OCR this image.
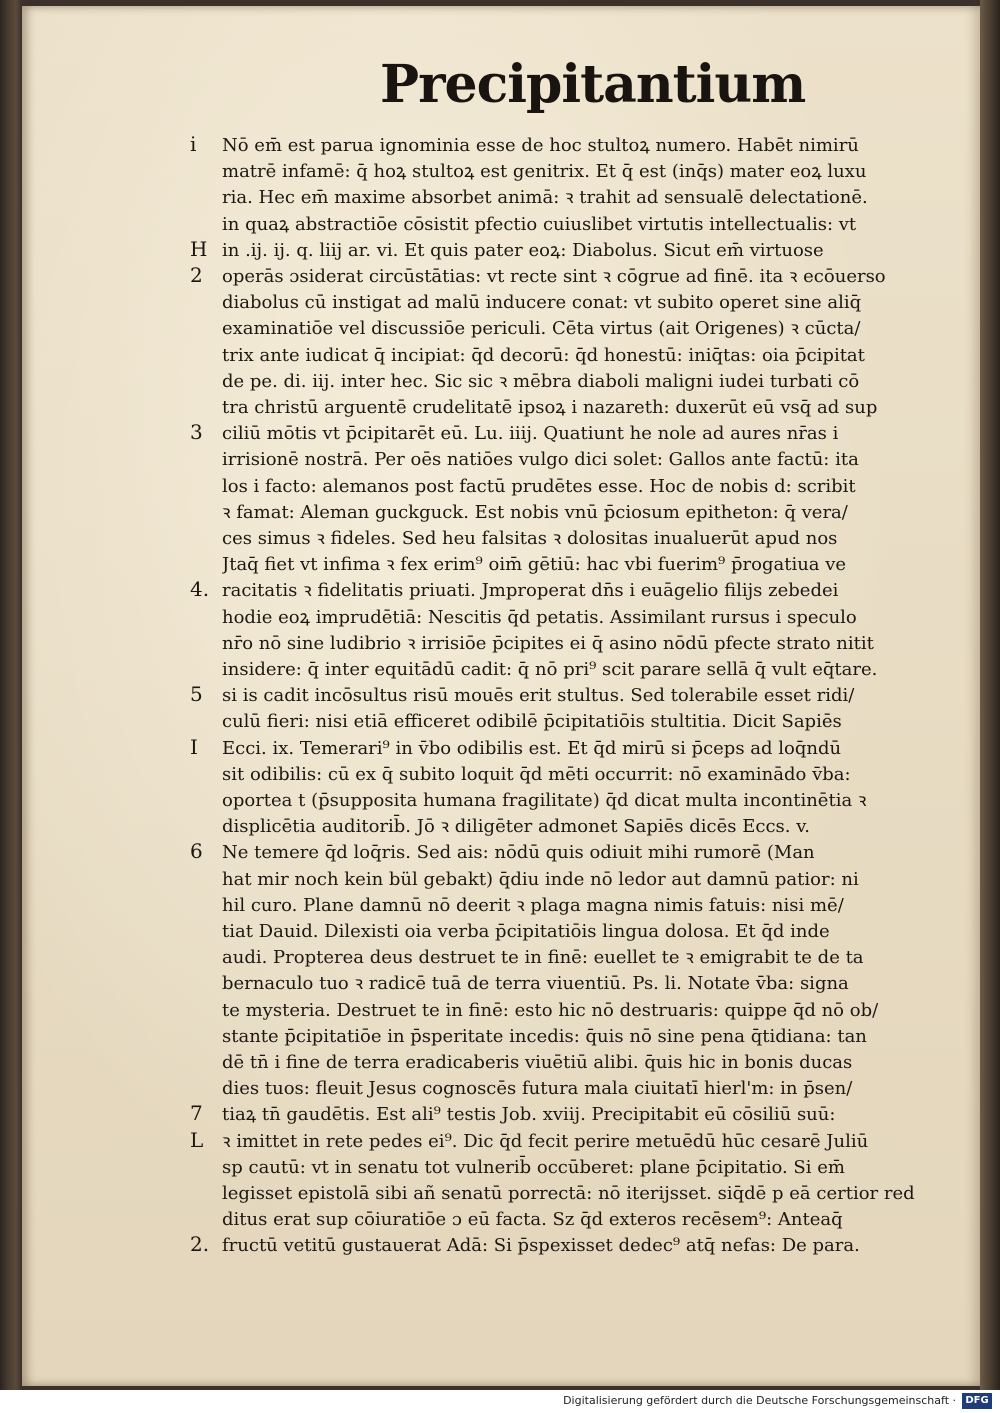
Precipitantium
Nō em̄ est parua ignominia esse de hoc stultoꝝ numero. Habēt nimirū
matrē infamē: q̄ hoꝝ stultoꝝ est genitrix. Et q̄ est (inq̄s) mater eoꝝ luxu
ria. Hec em̄ maxime absorbet animā: ꝛ trahit ad sensualē delectationē.
in quaꝝ abstractiōe cōsistit pfectio cuiuslibet virtutis intellectualis: vt
in .ij. ij. q. liij ar. vi. Et quis pater eoꝝ: Diabolus. Sicut em̄ virtuose
operās ɔsiderat circūstātias: vt recte sint ꝛ cōgrue ad finē. ita ꝛ ecōuerso
diabolus cū instigat ad malū inducere conat: vt subito operet sine aliq̄
examinatiōe vel discussiōe periculi. Cēta virtus (ait Origenes) ꝛ cūcta/
trix ante iudicat q̄ incipiat: q̄d decorū: q̄d honestū: iniq̄tas: oia p̄cipitat
de pe. di. iij. inter hec. Sic sic ꝛ mēbra diaboli maligni iudei turbati cō
tra christū arguentē crudelitatē ipsoꝝ i nazareth: duxerūt eū vsq̄ ad sup
ciliū mōtis vt p̄cipitarēt eū. Lu. iiij. Quatiunt he nole ad aures nr̄as i
irrisionē nostrā. Per oēs natiōes vulgo dici solet: Gallos ante factū: ita
los i facto: alemanos post factū prudētes esse. Hoc de nobis d: scribit
ꝛ famat: Aleman guckguck. Est nobis vnū p̄ciosum epitheton: q̄ vera/
ces simus ꝛ fideles. Sed heu falsitas ꝛ dolositas inualuerūt apud nos
Jtaq̄ fiet vt infima ꝛ fex erim⁹ oim̄ gētiū: hac vbi fuerim⁹ p̄rogatiua ve
racitatis ꝛ fidelitatis priuati. Jmproperat dn̄s i euāgelio filijs zebedei
hodie eoꝝ imprudētiā: Nescitis q̄d petatis. Assimilant rursus i speculo
nr̄o nō sine ludibrio ꝛ irrisiōe p̄cipites ei q̄ asino nōdū pfecte strato nitit
insidere: q̄ inter equitādū cadit: q̄ nō pri⁹ scit parare sellā q̄ vult eq̄tare.
si is cadit incōsultus risū mouēs erit stultus. Sed tolerabile esset ridi/
culū fieri: nisi etiā efficeret odibilē p̄cipitatiōis stultitia. Dicit Sapiēs
Ecci. ix. Temerari⁹ in v̄bo odibilis est. Et q̄d mirū si p̄ceps ad loq̄ndū
sit odibilis: cū ex q̄ subito loquit q̄d mēti occurrit: nō examinādo v̄ba:
oportea t (p̄supposita humana fragilitate) q̄d dicat multa incontinētia ꝛ
displicētia auditorib̄. Jō ꝛ diligēter admonet Sapiēs dicēs Eccs. v.
Ne temere q̄d loq̄ris. Sed ais: nōdū quis odiuit mihi rumorē (Man
hat mir noch kein bül gebakt) q̄diu inde nō ledor aut damnū patior: ni
hil curo. Plane damnū nō deerit ꝛ plaga magna nimis fatuis: nisi mē/
tiat Dauid. Dilexisti oia verba p̄cipitatiōis lingua dolosa. Et q̄d inde
audi. Propterea deus destruet te in finē: euellet te ꝛ emigrabit te de ta
bernaculo tuo ꝛ radicē tuā de terra viuentiū. Ps. li. Notate v̄ba: signa
te mysteria. Destruet te in finē: esto hic nō destruaris: quippe q̄d nō ob/
stante p̄cipitatiōe in p̄speritate incedis: q̄uis nō sine pena q̄tidiana: tan
dē tn̄ i fine de terra eradicaberis viuētiū alibi. q̄uis hic in bonis ducas
dies tuos: fleuit Jesus cognoscēs futura mala ciuitatī hierl'm: in p̄sen/
tiaꝝ tn̄ gaudētis. Est ali⁹ testis Job. xviij. Precipitabit eū cōsiliū suū:
ꝛ imittet in rete pedes ei⁹. Dic q̄d fecit perire metuēdū hūc cesarē Juliū
sp cautū: vt in senatu tot vulnerib̄ occūberet: plane p̄cipitatio. Si em̄
legisset epistolā sibi añ senatū porrectā: nō iterijsset. siq̄dē p eā certior red
ditus erat sup cōiuratiōe ɔ eū facta. Sz q̄d exteros recēsem⁹: Anteaq̄
fructū vetitū gustauerat Adā: Si p̄spexisset dedec⁹ atq̄ nefas: De para.
i
H
2
3
4.
5
I
6
7
L
2.
Digitalisierung gefördert durch die Deutsche Forschungsgemeinschaft · DFG
